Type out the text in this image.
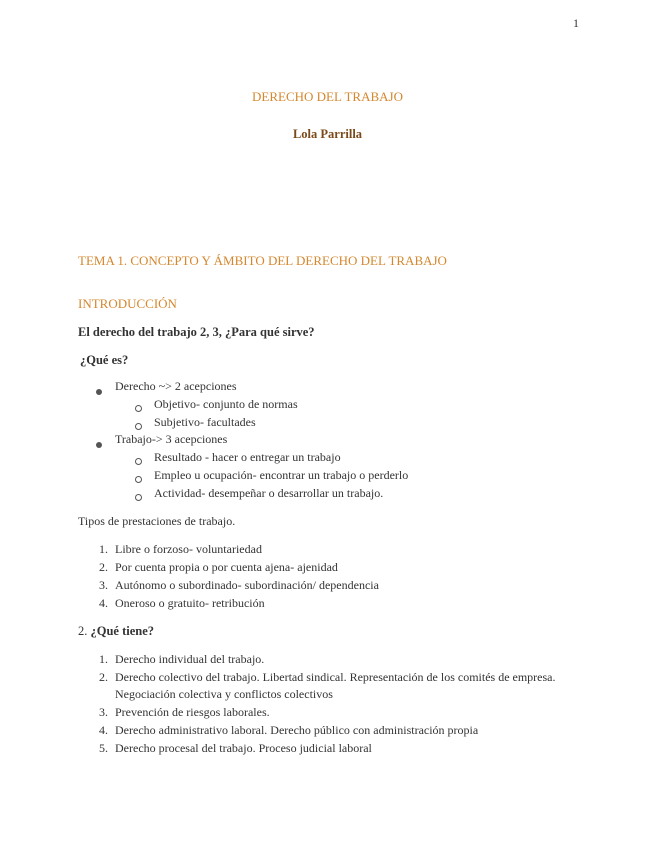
1
DERECHO DEL TRABAJO
Lola Parrilla
TEMA 1. CONCEPTO Y ÁMBITO DEL DERECHO DEL TRABAJO
INTRODUCCIÓN
El derecho del trabajo 2, 3, ¿Para qué sirve?
¿Qué es?
Derecho ~> 2 acepciones
Objetivo- conjunto de normas
Subjetivo- facultades
Trabajo-> 3 acepciones
Resultado - hacer o entregar un trabajo
Empleo u ocupación- encontrar un trabajo o perderlo
Actividad- desempeñar o desarrollar un trabajo.
Tipos de prestaciones de trabajo.
1. Libre o forzoso- voluntariedad
2. Por cuenta propia o por cuenta ajena- ajenidad
3. Autónomo o subordinado- subordinación/ dependencia
4. Oneroso o gratuito- retribución
2. ¿Qué tiene?
1. Derecho individual del trabajo.
2. Derecho colectivo del trabajo. Libertad sindical. Representación de los comités de empresa.
Negociación colectiva y conflictos colectivos
3. Prevención de riesgos laborales.
4. Derecho administrativo laboral. Derecho público con administración propia
5. Derecho procesal del trabajo. Proceso judicial laboral
